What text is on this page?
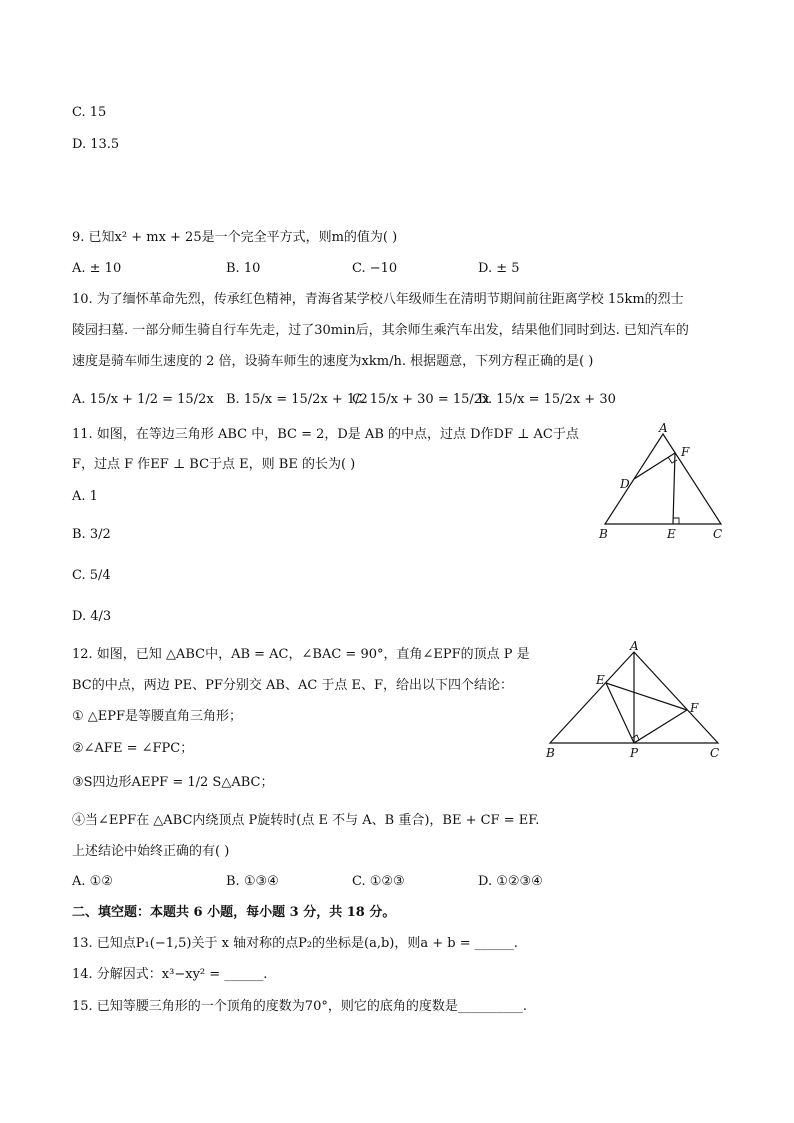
C. 15
D. 13.5
9. 已知x² + mx + 25是一个完全平方式，则m的值为( )
A. ± 10	B. 10	C. −10	D. ± 5
10. 为了缅怀革命先烈，传承红色精神，青海省某学校八年级师生在清明节期间前往距离学校 15km的烈士
陵园扫墓. 一部分师生骑自行车先走，过了30min后，其余师生乘汽车出发，结果他们同时到达. 已知汽车的
速度是骑车师生速度的 2 倍，设骑车师生的速度为xkm/h. 根据题意，下列方程正确的是( )
A. 15/x + 1/2 = 15/2x B. 15/x = 15/2x + 1/2
C. 15/x + 30 = 15/2x
D. 15/x = 15/2x + 30
11. 如图，在等边三角形 ABC 中，BC = 2，D是 AB 的中点，过点 D作DF ⊥ AC于点
F，过点 F 作EF ⊥ BC于点 E，则 BE 的长为( )
A. 1
B. 3/2
C. 5/4
D. 4/3
A
B	C
D
E
F
12. 如图，已知 △ABC中，AB = AC，∠BAC = 90°，直角∠EPF的顶点 P 是
BC的中点，两边 PE、PF分别交 AB、AC 于点 E、F，给出以下四个结论：
① △EPF是等腰直角三角形；
②∠AFE = ∠FPC；
③S四边形AEPF = 1/2 S△ABC；
④当∠EPF在 △ABC内绕顶点 P旋转时(点 E 不与 A、B 重合)，BE + CF = EF.
上述结论中始终正确的有( )
A. ①②	B. ①③④	C. ①②③	D. ①②③④
A
B	C
E
F
P
二、填空题：本题共 6 小题，每小题 3 分，共 18 分。
13. 已知点P₁(−1,5)关于 x 轴对称的点P₂的坐标是(a,b)，则a + b = ______.
14. 分解因式：x³−xy² = ______.
15. 已知等腰三角形的一个顶角的度数为70°，则它的底角的度数是__________.
